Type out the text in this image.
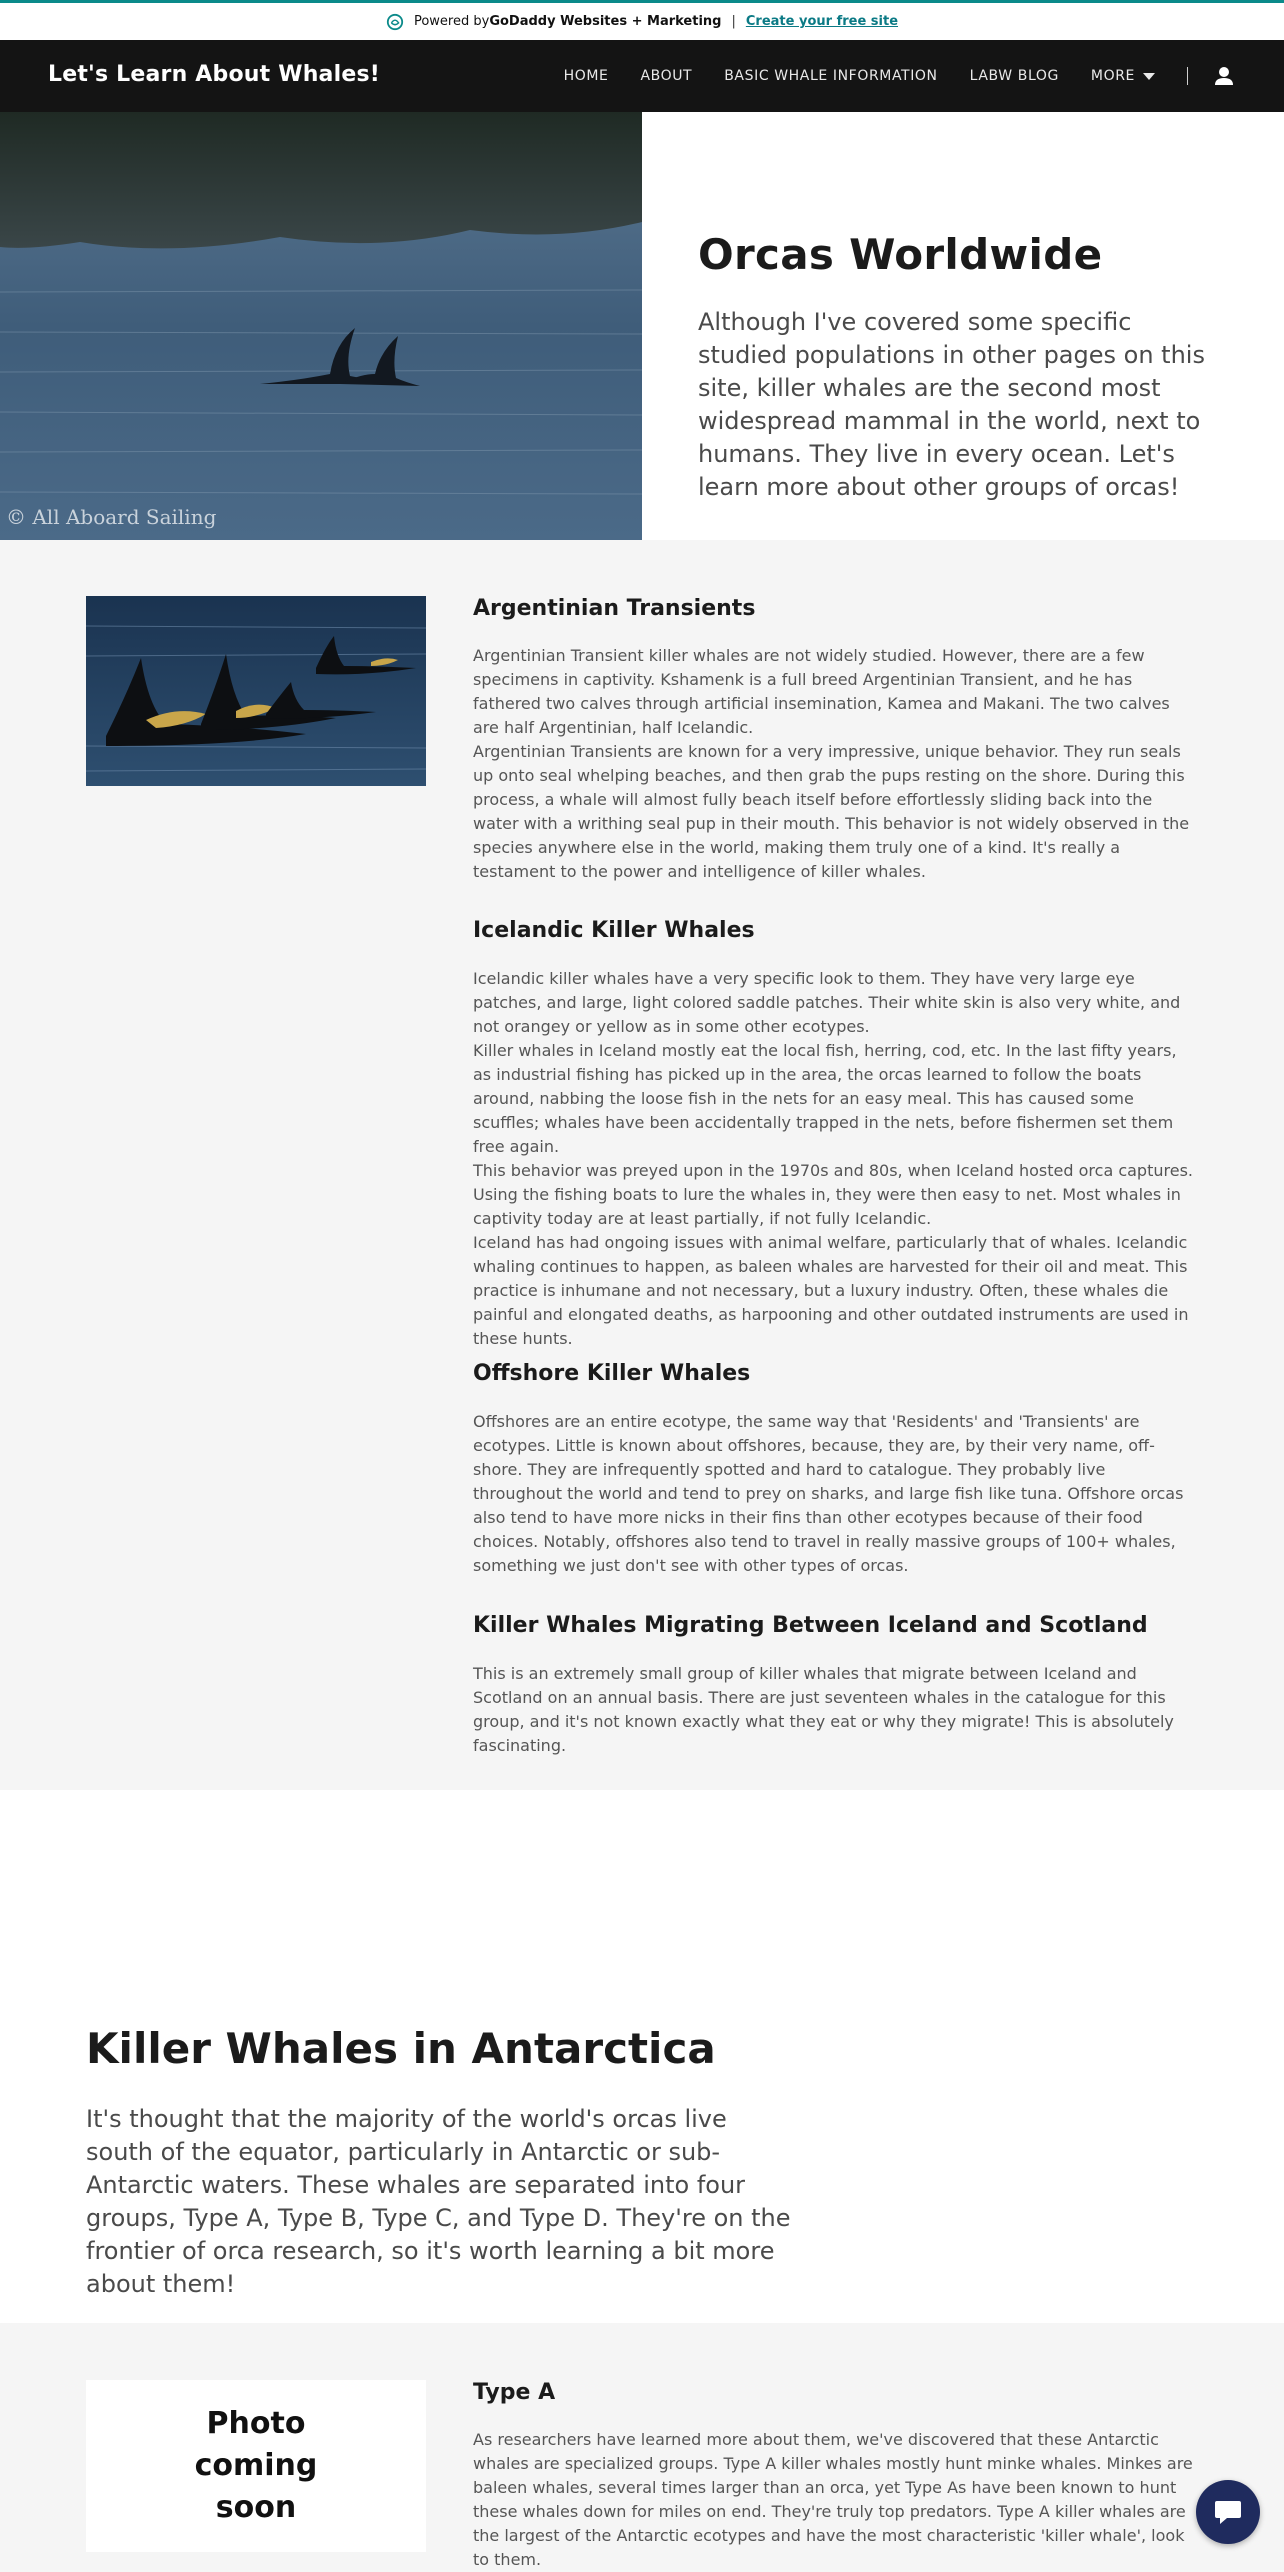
Powered by GoDaddy Websites + Marketing | Create your free site
Let's Learn About Whales!	HOME ABOUT BASIC WHALE INFORMATION LABW BLOG MORE
© All Aboard Sailing
Orcas Worldwide
Although I've covered some specific studied populations in other pages on this site, killer whales are the second most widespread mammal in the world, next to humans. They live in every ocean. Let's learn more about other groups of orcas!
Argentinian Transients

Argentinian Transient killer whales are not widely studied. However, there are a few specimens in captivity. Kshamenk is a full breed Argentinian Transient, and he has fathered two calves through artificial insemination, Kamea and Makani. The two calves are half Argentinian, half Icelandic.

Argentinian Transients are known for a very impressive, unique behavior. They run seals up onto seal whelping beaches, and then grab the pups resting on the shore. During this process, a whale will almost fully beach itself before effortlessly sliding back into the water with a writhing seal pup in their mouth. This behavior is not widely observed in the species anywhere else in the world, making them truly one of a kind. It's really a testament to the power and intelligence of killer whales.

Icelandic Killer Whales

Icelandic killer whales have a very specific look to them. They have very large eye patches, and large, light colored saddle patches. Their white skin is also very white, and not orangey or yellow as in some other ecotypes.

Killer whales in Iceland mostly eat the local fish, herring, cod, etc. In the last fifty years, as industrial fishing has picked up in the area, the orcas learned to follow the boats around, nabbing the loose fish in the nets for an easy meal. This has caused some scuffles; whales have been accidentally trapped in the nets, before fishermen set them free again.

This behavior was preyed upon in the 1970s and 80s, when Iceland hosted orca captures. Using the fishing boats to lure the whales in, they were then easy to net. Most whales in captivity today are at least partially, if not fully Icelandic.

Iceland has had ongoing issues with animal welfare, particularly that of whales. Icelandic whaling continues to happen, as baleen whales are harvested for their oil and meat. This practice is inhumane and not necessary, but a luxury industry. Often, these whales die painful and elongated deaths, as harpooning and other outdated instruments are used in these hunts.

Offshore Killer Whales

Offshores are an entire ecotype, the same way that 'Residents' and 'Transients' are ecotypes. Little is known about offshores, because, they are, by their very name, off-shore. They are infrequently spotted and hard to catalogue. They probably live throughout the world and tend to prey on sharks, and large fish like tuna. Offshore orcas also tend to have more nicks in their fins than other ecotypes because of their food choices. Notably, offshores also tend to travel in really massive groups of 100+ whales, something we just don't see with other types of orcas.

Killer Whales Migrating Between Iceland and Scotland

This is an extremely small group of killer whales that migrate between Iceland and Scotland on an annual basis. There are just seventeen whales in the catalogue for this group, and it's not known exactly what they eat or why they migrate! This is absolutely fascinating.

Killer Whales in Antarctica
It's thought that the majority of the world's orcas live south of the equator, particularly in Antarctic or sub-Antarctic waters. These whales are separated into four groups, Type A, Type B, Type C, and Type D. They're on the frontier of orca research, so it's worth learning a bit more about them!
Photo
coming
soon
Type A

As researchers have learned more about them, we've discovered that these Antarctic whales are specialized groups. Type A killer whales mostly hunt minke whales. Minkes are baleen whales, several times larger than an orca, yet Type As have been known to hunt these whales down for miles on end. They're truly top predators. Type A killer whales are the largest of the Antarctic ecotypes and have the most characteristic 'killer whale', look to them.
